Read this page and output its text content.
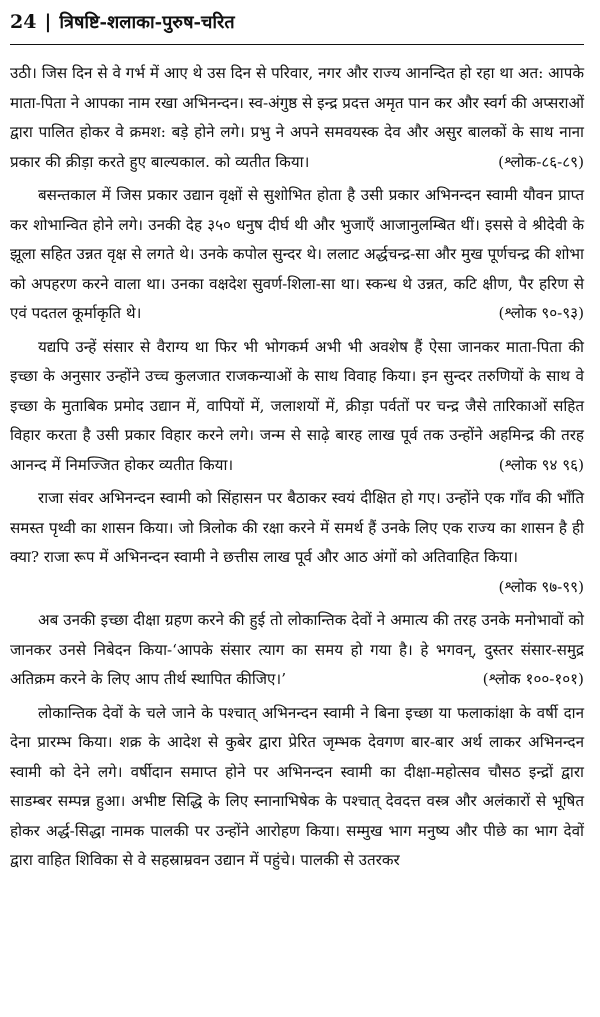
24 | त्रिषष्टि-शलाका-पुरुष-चरित

उठी। जिस दिन से वे गर्भ में आए थे उस दिन से परिवार, नगर और राज्य आनन्दित हो रहा था अत: आपके माता-पिता ने आपका नाम रखा अभिनन्दन। स्व-अंगुष्ठ से इन्द्र प्रदत्त अमृत पान कर और स्वर्ग की अप्सराओं द्वारा पालित होकर वे क्रमश: बड़े होने लगे। प्रभु ने अपने समवयस्क देव और असुर बालकों के साथ नाना प्रकार की क्रीड़ा करते हुए बाल्यकाल. को व्यतीत किया।	(श्लोक-८६-८९)

बसन्तकाल में जिस प्रकार उद्यान वृक्षों से सुशोभित होता है उसी प्रकार अभिनन्दन स्वामी यौवन प्राप्त कर शोभान्वित होने लगे। उनकी देह ३५० धनुष दीर्घ थी और भुजाएँ आजानुलम्बित थीं। इससे वे श्रीदेवी के झूला सहित उन्नत वृक्ष से लगते थे। उनके कपोल सुन्दर थे। ललाट अर्द्धचन्द्र-सा और मुख पूर्णचन्द्र की शोभा को अपहरण करने वाला था। उनका वक्षदेश सुवर्ण-शिला-सा था। स्कन्ध थे उन्नत, कटि क्षीण, पैर हरिण से एवं पदतल कूर्माकृति थे।	(श्लोक ९०-९३)

यद्यपि उन्हें संसार से वैराग्य था फिर भी भोगकर्म अभी भी अवशेष हैं ऐसा जानकर माता-पिता की इच्छा के अनुसार उन्होंने उच्च कुलजात राजकन्याओं के साथ विवाह किया। इन सुन्दर तरुणियों के साथ वे इच्छा के मुताबिक प्रमोद उद्यान में, वापियों में, जलाशयों में, क्रीड़ा पर्वतों पर चन्द्र जैसे तारिकाओं सहित विहार करता है उसी प्रकार विहार करने लगे। जन्म से साढ़े बारह लाख पूर्व तक उन्होंने अहमिन्द्र की तरह आनन्द में निमज्जित होकर व्यतीत किया।	(श्लोक ९४ ९६)

राजा संवर अभिनन्दन स्वामी को सिंहासन पर बैठाकर स्वयं दीक्षित हो गए। उन्होंने एक गाँव की भाँति समस्त पृथ्वी का शासन किया। जो त्रिलोक की रक्षा करने में समर्थ हैं उनके लिए एक राज्य का शासन है ही क्या? राजा रूप में अभिनन्दन स्वामी ने छत्तीस लाख पूर्व और आठ अंगों को अतिवाहित किया।
(श्लोक ९७-९९)

अब उनकी इच्छा दीक्षा ग्रहण करने की हुई तो लोकान्तिक देवों ने अमात्य की तरह उनके मनोभावों को जानकर उनसे निबेदन किया-‘आपके संसार त्याग का समय हो गया है। हे भगवन्, दुस्तर संसार-समुद्र अतिक्रम करने के लिए आप तीर्थ स्थापित कीजिए।’	(श्लोक १००-१०१)

लोकान्तिक देवों के चले जाने के पश्चात् अभिनन्दन स्वामी ने बिना इच्छा या फलाकांक्षा के वर्षी दान देना प्रारम्भ किया। शक्र के आदेश से कुबेर द्वारा प्रेरित जृम्भक देवगण बार-बार अर्थ लाकर अभिनन्दन स्वामी को देने लगे। वर्षीदान समाप्त होने पर अभिनन्दन स्वामी का दीक्षा-महोत्सव चौसठ इन्द्रों द्वारा साडम्बर सम्पन्न हुआ। अभीष्ट सिद्धि के लिए स्नानाभिषेक के पश्चात् देवदत्त वस्त्र और अलंकारों से भूषित होकर अर्द्ध-सिद्धा नामक पालकी पर उन्होंने आरोहण किया। सम्मुख भाग मनुष्य और पीछे का भाग देवों द्वारा वाहित शिविका से वे सहस्राम्रवन उद्यान में पहुंचे। पालकी से उतरकर
